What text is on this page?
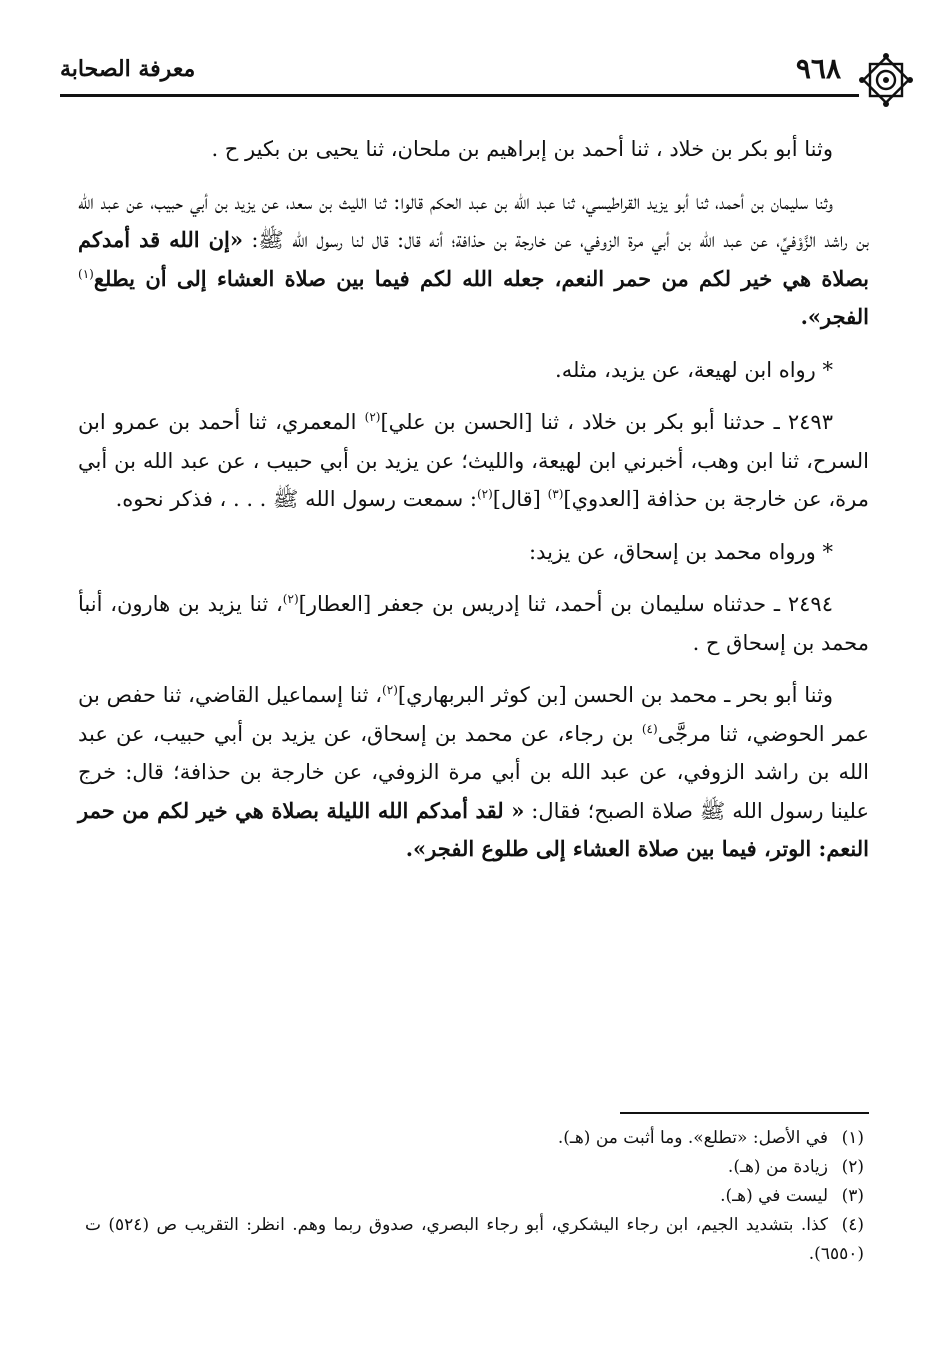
٩٦٨
معرفة الصحابة

وثنا أبو بكر بن خلاد ، ثنا أحمد بن إبراهيم بن ملحان، ثنا يحيى بن بكير ح .

وثنا سليمان بن أحمد، ثنا أبو يزيد القراطيسي، ثنا عبد الله بن عبد الحكم قالوا: ثنا الليث بن سعد، عن يزيد بن أبي حبيب، عن عبد الله بن راشد الزَّوْفيِّ، عن عبد الله بن أبي مرة الزوفي، عن خارجة بن حذافة؛ أنه قال: قال لنا رسول الله ﷺ: «إن الله قد أمدكم بصلاة هي خير لكم من حمر النعم، جعله الله لكم فيما بين صلاة العشاء إلى أن يطلع$^{(١)}$ الفجر».

* رواه ابن لهيعة، عن يزيد، مثله.

٢٤٩٣ ـ حدثنا أبو بكر بن خلاد ، ثنا [الحسن بن علي]$^{(٢)}$ المعمري، ثنا أحمد بن عمرو ابن السرح، ثنا ابن وهب، أخبرني ابن لهيعة، والليث؛ عن يزيد بن أبي حبيب ، عن عبد الله بن أبي مرة، عن خارجة بن حذافة [العدوي]$^{(٣)}$ [قال]$^{(٢)}$: سمعت رسول الله ﷺ . . . ، فذكر نحوه.

* ورواه محمد بن إسحاق، عن يزيد:

٢٤٩٤ ـ حدثناه سليمان بن أحمد، ثنا إدريس بن جعفر [العطار]$^{(٢)}$، ثنا يزيد بن هارون، أنبأ محمد بن إسحاق ح .

وثنا أبو بحر ـ محمد بن الحسن [بن كوثر البربهاري]$^{(٢)}$، ثنا إسماعيل القاضي، ثنا حفص بن عمر الحوضي، ثنا مرجَّى$^{(٤)}$ بن رجاء، عن محمد بن إسحاق، عن يزيد بن أبي حبيب، عن عبد الله بن راشد الزوفي، عن عبد الله بن أبي مرة الزوفي، عن خارجة بن حذافة؛ قال: خرج علينا رسول الله ﷺ صلاة الصبح؛ فقال: « لقد أمدكم الله الليلة بصلاة هي خير لكم من حمر النعم: الوتر، فيما بين صلاة العشاء إلى طلوع الفجر».

(١)في الأصل: «تطلع». وما أثبت من (هـ).

(٢)زيادة من (هـ).

(٣)ليست في (هـ).

(٤)كذا. بتشديد الجيم، ابن رجاء اليشكري، أبو رجاء البصري، صدوق ربما وهم. انظر: التقريب ص (٥٢٤) ت (٦٥٥٠).
